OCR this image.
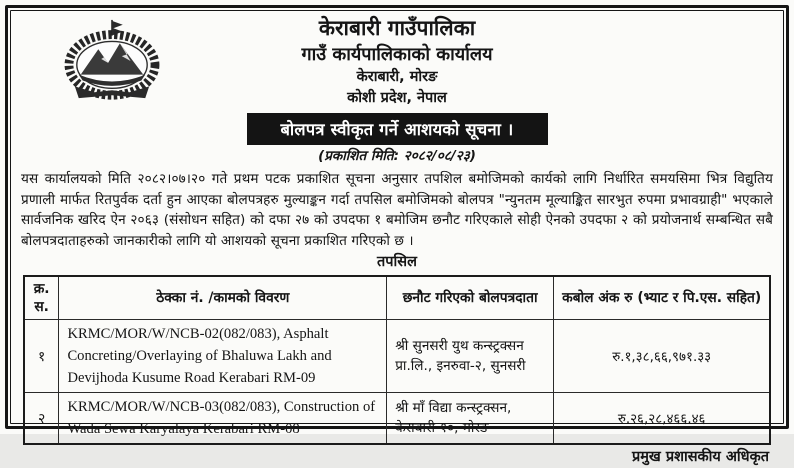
केराबारी गाउँपालिका
गाउँ कार्यपालिकाको कार्यालय
केराबारी, मोरङ
कोशी प्रदेश, नेपाल
बोलपत्र स्वीकृत गर्ने आशयको सूचना ।
(प्रकाशित मिति: २०८२/०८/२३)

यस कार्यालयको मिति २०८२।०७।२० गते प्रथम पटक प्रकाशित सूचना अनुसार तपशिल बमोजिमको कार्यको लागि निर्धारित समयसिमा भित्र विद्युतिय प्रणाली मार्फत रितपुर्वक दर्ता हुन आएका बोलपत्रहरु मुल्याङ्कन गर्दा तपसिल बमोजिमको बोलपत्र "न्युनतम मूल्याङ्कित सारभुत रुपमा प्रभावग्राही" भएकाले सार्वजनिक खरिद ऐन २०६३ (संसोधन सहित) को दफा २७ को उपदफा १ बमोजिम छनौट गरिएकाले सोही ऐनको उपदफा २ को प्रयोजनार्थ सम्बन्धित सबै बोलपत्रदाताहरुको जानकारीको लागि यो आशयको सूचना प्रकाशित गरिएको छ ।

तपसिल
क्र. स.	ठेक्का नं. /कामको विवरण	छनौट गरिएको बोलपत्रदाता	कबोल अंक रु (भ्याट र पि.एस. सहित)
१	KRMC/MOR/W/NCB-02(082/083), Asphalt Concreting/Overlaying of Bhaluwa Lakh and Devijhoda Kusume Road Kerabari RM-09	श्री सुनसरी युथ कन्स्ट्रक्सन प्रा.लि., इनरुवा-२, सुनसरी	रु.१,३८,६६,९७१.३३
२	KRMC/MOR/W/NCB-03(082/083), Construction of Wada Sewa Karyalaya Kerabari RM-08	श्री माँ विद्या कन्स्ट्रक्सन, केराबारी-१०, मोरङ	रु.२६,२८,४६६.४६
प्रमुख प्रशासकीय अधिकृत
